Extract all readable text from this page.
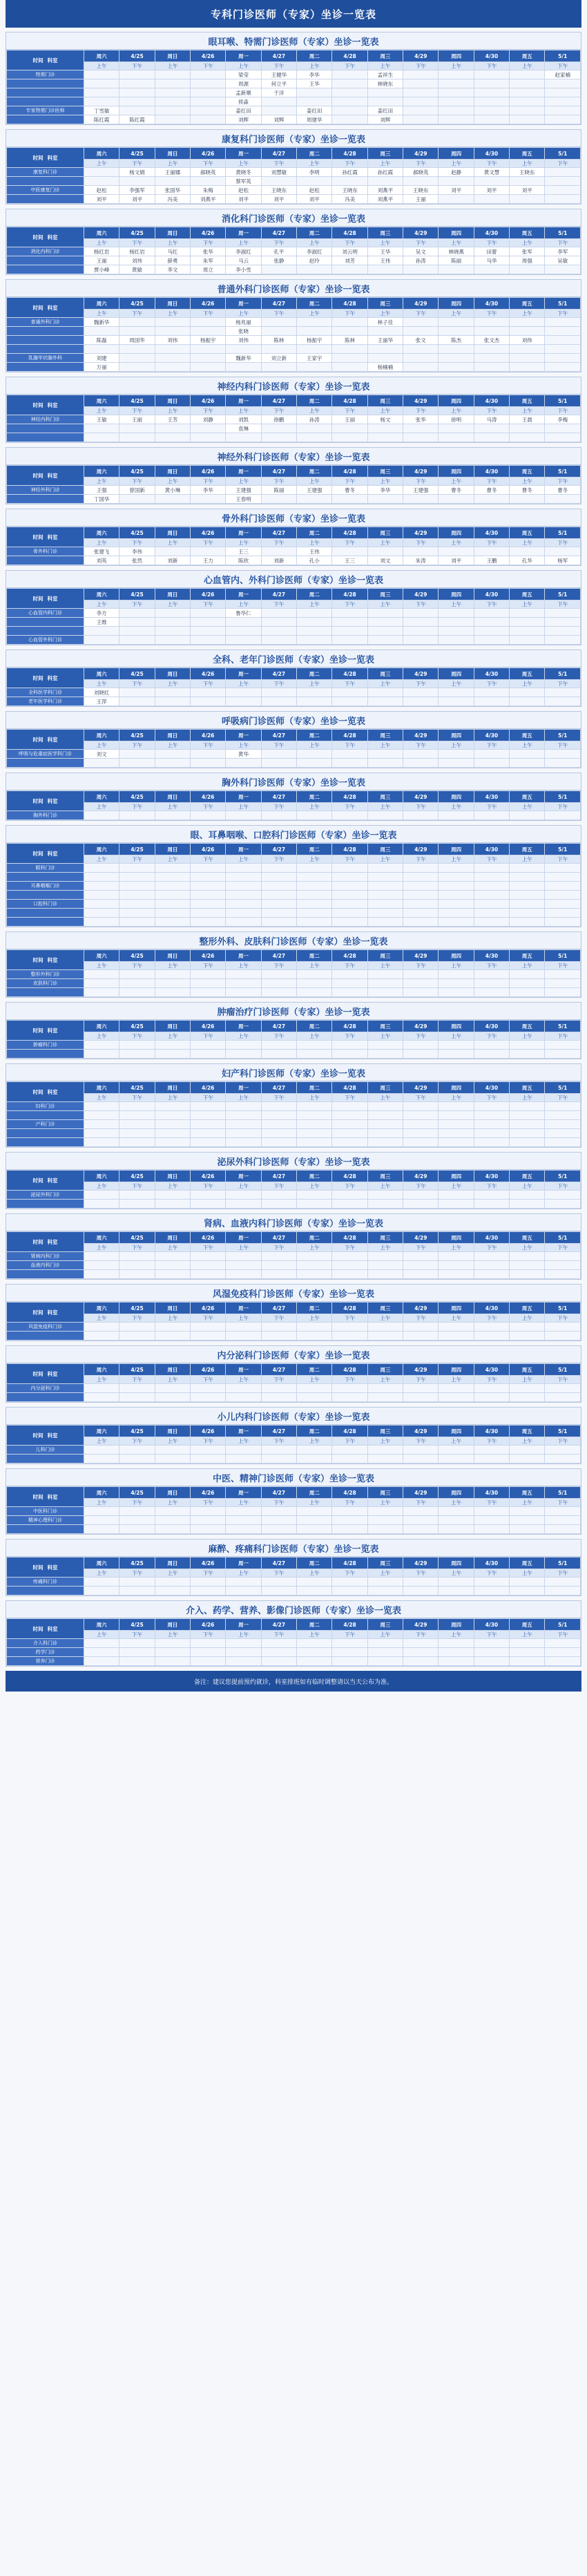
专科门诊医师（专家）坐诊一览表
眼耳喉、特需门诊医师（专家）坐诊一览表
时间 科室	周六	4/25	周日	4/26	周一	4/27	周二	4/28	周三	4/29	周四	4/30	周五	5/1
	上午	下午	上午	下午	上午	下午	上午	下午	上午	下午	上午	下午	上午	下午
特需门诊					梁莹	王健华	李华		孟祥生					赵家楠
					周源	何立平	王华		林晓东					
					孟新顺	于洋								
					侯淼									
专家特需门诊医师	丁雪敏				姜红田		姜红田		姜红田					
	陈红霞	陈红霞			刘辉	刘辉	周建华		刘辉					
康复科门诊医师（专家）坐诊一览表
时间 科室	周六	4/25	周日	4/26	周一	4/27	周二	4/28	周三	4/29	周四	4/30	周五	5/1
	上午	下午	上午	下午	上午	下午	上午	下午	上午	下午	上午	下午	上午	下午
康复科门诊		杨文娟	王丽娜	郝晓英	黄晓冬	刘慧敏	李明	孙红霞	孙红霞	郝晓英	赵静	黄文慧	王晓东	
					蔡军英									
中医康复门诊	赵松	李强军	张国华	朱梅	赵松	王晓东	赵松	王晓东	刘燕平	王晓东	刘平	刘平	刘平	
	刘平	刘平	冯美	刘燕平	刘平	刘平	刘平	冯美	刘燕平	王丽				
消化科门诊医师（专家）坐诊一览表
时间 科室	周六	4/25	周日	4/26	周一	4/27	周二	4/28	周三	4/29	周四	4/30	周五	5/1
	上午	下午	上午	下午	上午	下午	上午	下午	上午	下午	上午	下午	上午	下午
消化内科门诊	杨红岩	杨红岩	马红	张华	李淑红	孔平	李淑红	刘云明	王华	吴文	林晓燕	田蕾	张军	李军
	王丽	刘伟	薛勇	朱军	马云	张静	赵玲	刘芳	王伟	孙涛	陈丽	马华	周强	吴敏
	贾小峰	黄敏	李文	周立	李小雪									
普通外科门诊医师（专家）坐诊一览表
时间 科室	周六	4/25	周日	4/26	周一	4/27	周二	4/28	周三	4/29	周四	4/30	周五	5/1
	上午	下午	上午	下午	上午	下午	上午	下午	上午	下午	上午	下午	上午	下午
普通外科门诊	魏新华				杨兆丽				林子佳					
					张晓									
	陈磊	周国华	刘伟	杨振宇	刘伟	陈林	杨振宇	陈林	王丽华	张文	陈杰	张文杰	刘伟	

乳腺甲状腺外科	刘建				魏新华	刘立新	王家宇							
	万丽								杨楠楠					
神经内科门诊医师（专家）坐诊一览表
时间 科室	周六	4/25	周日	4/26	周一	4/27	周二	4/28	周三	4/29	周四	4/30	周五	5/1
	上午	下午	上午	下午	上午	下午	上午	下午	上午	下午	上午	下午	上午	下午
神经内科门诊	王敏	王丽	王芳	刘静	刘凯	徐鹏	孙涛	王丽	杨文	张华	徐明	马涛	王晨	李梅
					袁琳									

神经外科门诊医师（专家）坐诊一览表
时间 科室	周六	4/25	周日	4/26	周一	4/27	周二	4/28	周三	4/29	周四	4/30	周五	5/1
	上午	下午	上午	下午	上午	下午	上午	下午	上午	下午	上午	下午	上午	下午
神经外科门诊	王强	曾国新	黄小琳	李华	王建强	陈丽	王建强	曹冬	李华	王建强	曹冬	曹冬	曹冬	曹冬
	丁国华				王春明									
骨外科门诊医师（专家）坐诊一览表
时间 科室	周六	4/25	周日	4/26	周一	4/27	周二	4/28	周三	4/29	周四	4/30	周五	5/1
	上午	下午	上午	下午	上午	下午	上午	下午	上午	下午	上午	下午	上午	下午
骨外科门诊	张建飞	李伟			王三		王伟							
	刘英	张然	刘新	王力	陈欣	刘新	孔小	王三	刘文	朱涛	刘平	王鹏	孔华	杨军
心血管内、外科门诊医师（专家）坐诊一览表
时间 科室	周六	4/25	周日	4/26	周一	4/27	周二	4/28	周三	4/29	周四	4/30	周五	5/1
	上午	下午	上午	下午	上午	下午	上午	下午	上午	下午	上午	下午	上午	下午
心血管内科门诊	李方				鲁华仁									
	王维													

心血管外科门诊														
全科、老年门诊医师（专家）坐诊一览表
时间 科室	周六	4/25	周日	4/26	周一	4/27	周二	4/28	周三	4/29	周四	4/30	周五	5/1
	上午	下午	上午	下午	上午	下午	上午	下午	上午	下午	上午	下午	上午	下午
全科医学科门诊	刘晓红													
老年医学科门诊	王萍													
呼吸病门诊医师（专家）坐诊一览表
时间 科室	周六	4/25	周日	4/26	周一	4/27	周二	4/28	周三	4/29	周四	4/30	周五	5/1
	上午	下午	上午	下午	上午	下午	上午	下午	上午	下午	上午	下午	上午	下午
呼吸与危重症医学科门诊	刘文				黄华									

胸外科门诊医师（专家）坐诊一览表
时间 科室	周六	4/25	周日	4/26	周一	4/27	周二	4/28	周三	4/29	周四	4/30	周五	5/1
	上午	下午	上午	下午	上午	下午	上午	下午	上午	下午	上午	下午	上午	下午
胸外科门诊														
眼、耳鼻咽喉、口腔科门诊医师（专家）坐诊一览表
时间 科室	周六	4/25	周日	4/26	周一	4/27	周二	4/28	周三	4/29	周四	4/30	周五	5/1
	上午	下午	上午	下午	上午	下午	上午	下午	上午	下午	上午	下午	上午	下午
眼科门诊														

耳鼻咽喉门诊														

口腔科门诊														

整形外科、皮肤科门诊医师（专家）坐诊一览表
时间 科室	周六	4/25	周日	4/26	周一	4/27	周二	4/28	周三	4/29	周四	4/30	周五	5/1
	上午	下午	上午	下午	上午	下午	上午	下午	上午	下午	上午	下午	上午	下午
整形外科门诊														
皮肤科门诊														

肿瘤治疗门诊医师（专家）坐诊一览表
时间 科室	周六	4/25	周日	4/26	周一	4/27	周二	4/28	周三	4/29	周四	4/30	周五	5/1
	上午	下午	上午	下午	上午	下午	上午	下午	上午	下午	上午	下午	上午	下午
肿瘤科门诊														

妇产科门诊医师（专家）坐诊一览表
时间 科室	周六	4/25	周日	4/26	周一	4/27	周二	4/28	周三	4/29	周四	4/30	周五	5/1
	上午	下午	上午	下午	上午	下午	上午	下午	上午	下午	上午	下午	上午	下午
妇科门诊														

产科门诊														

泌尿外科门诊医师（专家）坐诊一览表
时间 科室	周六	4/25	周日	4/26	周一	4/27	周二	4/28	周三	4/29	周四	4/30	周五	5/1
	上午	下午	上午	下午	上午	下午	上午	下午	上午	下午	上午	下午	上午	下午
泌尿外科门诊														

肾病、血液内科门诊医师（专家）坐诊一览表
时间 科室	周六	4/25	周日	4/26	周一	4/27	周二	4/28	周三	4/29	周四	4/30	周五	5/1
	上午	下午	上午	下午	上午	下午	上午	下午	上午	下午	上午	下午	上午	下午
肾病内科门诊														
血液内科门诊														

风湿免疫科门诊医师（专家）坐诊一览表
时间 科室	周六	4/25	周日	4/26	周一	4/27	周二	4/28	周三	4/29	周四	4/30	周五	5/1
	上午	下午	上午	下午	上午	下午	上午	下午	上午	下午	上午	下午	上午	下午
风湿免疫科门诊														

内分泌科门诊医师（专家）坐诊一览表
时间 科室	周六	4/25	周日	4/26	周一	4/27	周二	4/28	周三	4/29	周四	4/30	周五	5/1
	上午	下午	上午	下午	上午	下午	上午	下午	上午	下午	上午	下午	上午	下午
内分泌科门诊														

小儿内科门诊医师（专家）坐诊一览表
时间 科室	周六	4/25	周日	4/26	周一	4/27	周二	4/28	周三	4/29	周四	4/30	周五	5/1
	上午	下午	上午	下午	上午	下午	上午	下午	上午	下午	上午	下午	上午	下午
儿科门诊														

中医、精神门诊医师（专家）坐诊一览表
时间 科室	周六	4/25	周日	4/26	周一	4/27	周二	4/28	周三	4/29	周四	4/30	周五	5/1
	上午	下午	上午	下午	上午	下午	上午	下午	上午	下午	上午	下午	上午	下午
中医科门诊														
精神心理科门诊														

麻醉、疼痛科门诊医师（专家）坐诊一览表
时间 科室	周六	4/25	周日	4/26	周一	4/27	周二	4/28	周三	4/29	周四	4/30	周五	5/1
	上午	下午	上午	下午	上午	下午	上午	下午	上午	下午	上午	下午	上午	下午
疼痛科门诊														

介入、药学、营养、影像门诊医师（专家）坐诊一览表
时间 科室	周六	4/25	周日	4/26	周一	4/27	周二	4/28	周三	4/29	周四	4/30	周五	5/1
	上午	下午	上午	下午	上午	下午	上午	下午	上午	下午	上午	下午	上午	下午
介入科门诊														
药学门诊														
营养门诊														
备注：建议您提前预约就诊，科室排班如有临时调整请以当天公布为准。
